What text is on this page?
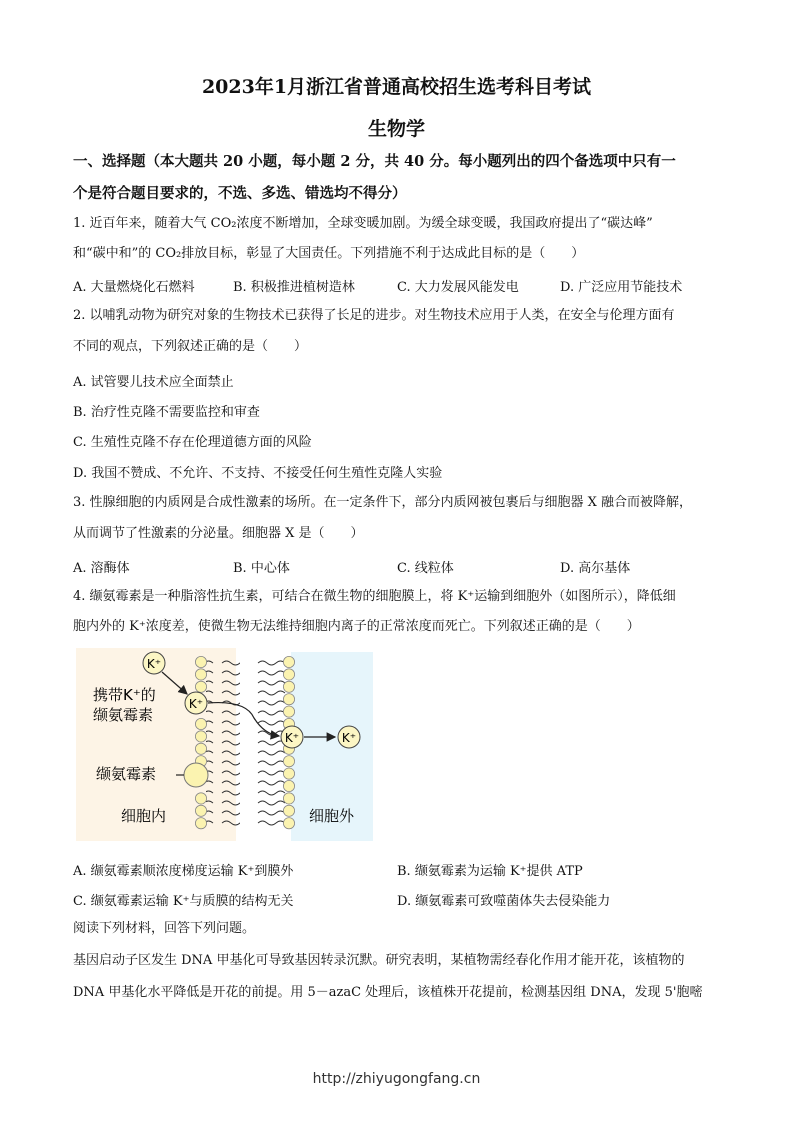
2023年1月浙江省普通高校招生选考科目考试
生物学
一、选择题（本大题共 20 小题，每小题 2 分，共 40 分。每小题列出的四个备选项中只有一
个是符合题目要求的，不选、多选、错选均不得分）
1. 近百年来，随着大气 CO₂浓度不断增加，全球变暖加剧。为缓全球变暖，我国政府提出了“碳达峰”
和“碳中和”的 CO₂排放目标，彰显了大国责任。下列措施不利于达成此目标的是（　　）
A. 大量燃烧化石燃料	B. 积极推进植树造林	C. 大力发展风能发电	D. 广泛应用节能技术
2. 以哺乳动物为研究对象的生物技术已获得了长足的进步。对生物技术应用于人类，在安全与伦理方面有
不同的观点，下列叙述正确的是（　　）
A. 试管婴儿技术应全面禁止
B. 治疗性克隆不需要监控和审查
C. 生殖性克隆不存在伦理道德方面的风险
D. 我国不赞成、不允许、不支持、不接受任何生殖性克隆人实验
3. 性腺细胞的内质网是合成性激素的场所。在一定条件下，部分内质网被包裹后与细胞器 X 融合而被降解，
从而调节了性激素的分泌量。细胞器 X 是（　　）
A. 溶酶体	B. 中心体	C. 线粒体	D. 高尔基体
4. 缬氨霉素是一种脂溶性抗生素，可结合在微生物的细胞膜上，将 K⁺运输到细胞外（如图所示），降低细
胞内外的 K⁺浓度差，使微生物无法维持细胞内离子的正常浓度而死亡。下列叙述正确的是（　　）
K⁺
K⁺
K⁺	K⁺
携带K⁺的
缬氨霉素
缬氨霉素
细胞内	细胞外
A. 缬氨霉素顺浓度梯度运输 K⁺到膜外	B. 缬氨霉素为运输 K⁺提供 ATP
C. 缬氨霉素运输 K⁺与质膜的结构无关	D. 缬氨霉素可致噬菌体失去侵染能力
阅读下列材料，回答下列问题。
基因启动子区发生 DNA 甲基化可导致基因转录沉默。研究表明，某植物需经春化作用才能开花，该植物的
DNA 甲基化水平降低是开花的前提。用 5－azaC 处理后，该植株开花提前，检测基因组 DNA，发现 5'胞嘧
http://zhiyugongfang.cn
